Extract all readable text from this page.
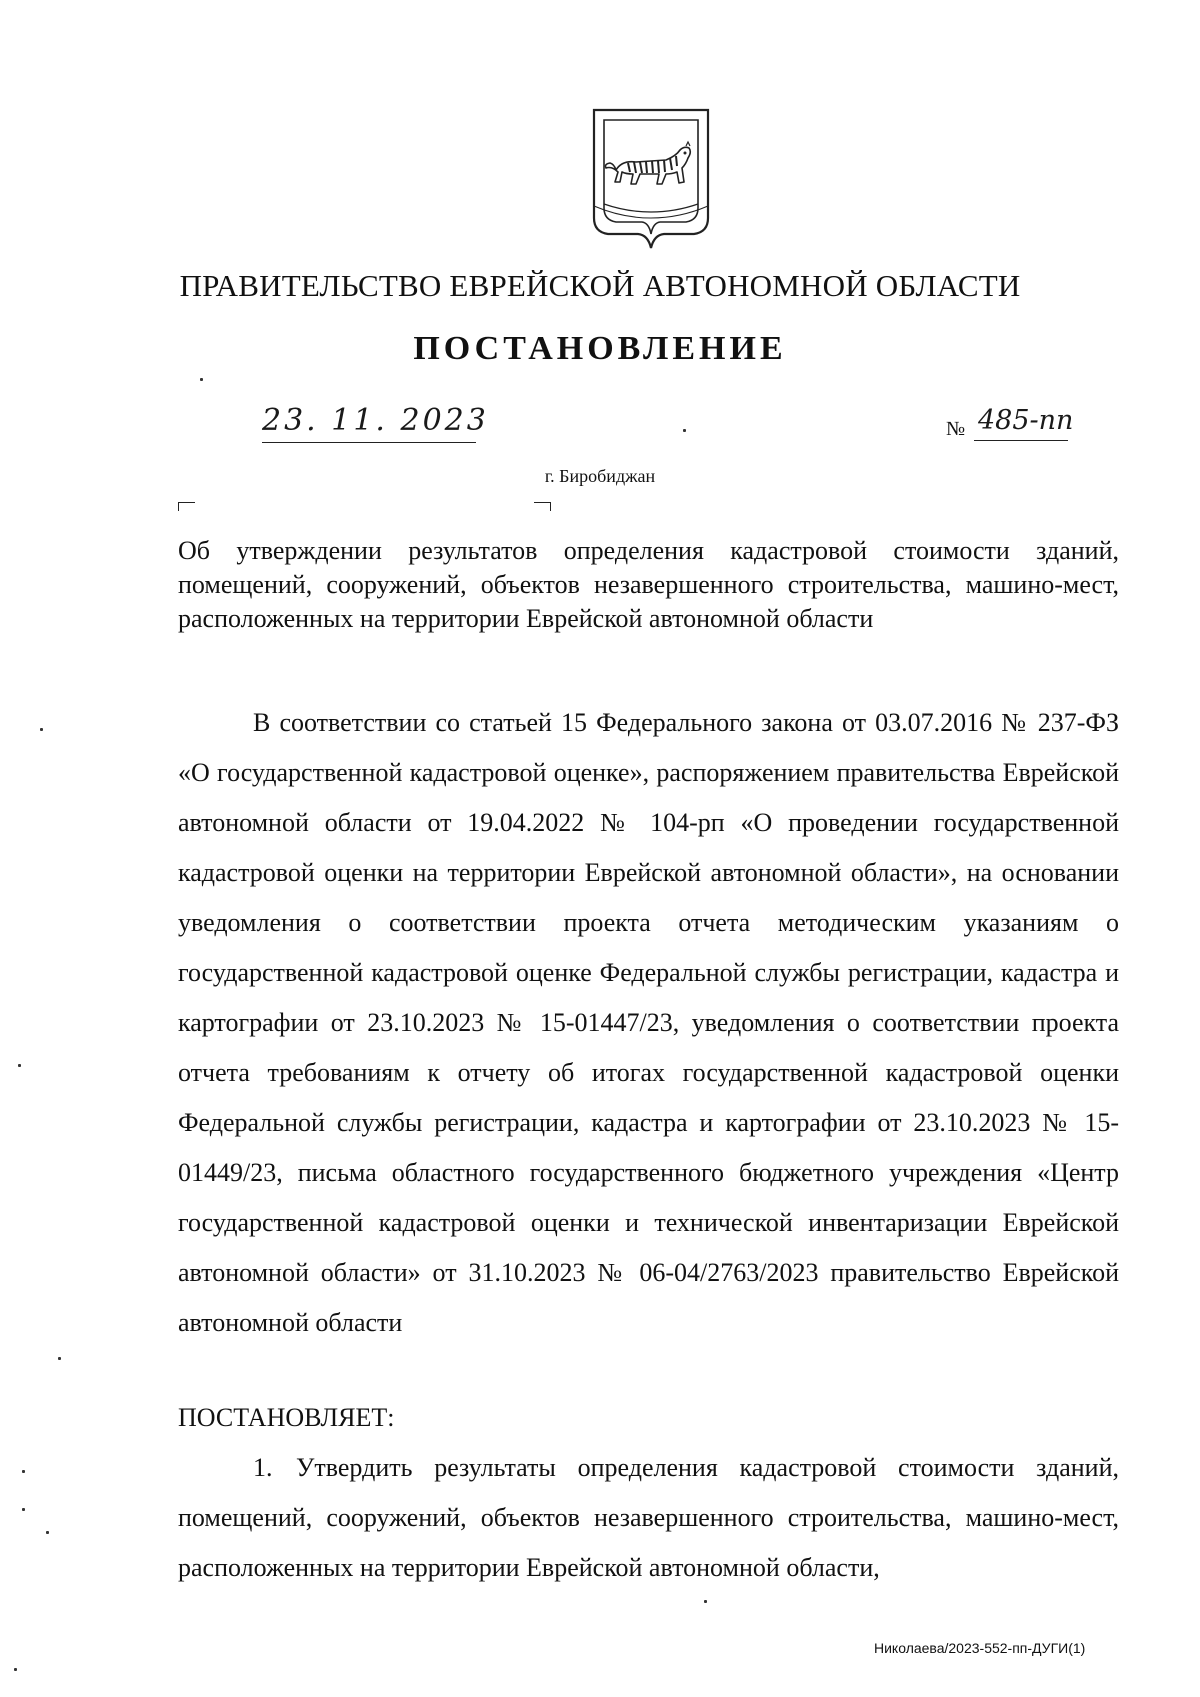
ПРАВИТЕЛЬСТВО ЕВРЕЙСКОЙ АВТОНОМНОЙ ОБЛАСТИ
ПОСТАНОВЛЕНИЕ
23. 11. 2023	№ 485-пп
г. Биробиджан
Об утверждении результатов определения кадастровой стоимости зданий, помещений, сооружений, объектов незавершенного строительства, машино-мест, расположенных на территории Еврейской автономной области
В соответствии со статьей 15 Федерального закона от 03.07.2016 № 237-ФЗ «О государственной кадастровой оценке», распоряжением правительства Еврейской автономной области от 19.04.2022 № 104-рп «О проведении государственной кадастровой оценки на территории Еврейской автономной области», на основании уведомления о соответствии проекта отчета методическим указаниям о государственной кадастровой оценке Федеральной службы регистрации, кадастра и картографии от 23.10.2023 № 15-01447/23, уведомления о соответствии проекта отчета требованиям к отчету об итогах государственной кадастровой оценки Федеральной службы регистрации, кадастра и картографии от 23.10.2023 № 15-01449/23, письма областного государственного бюджетного учреждения «Центр государственной кадастровой оценки и технической инвентаризации Еврейской автономной области» от 31.10.2023 № 06-04/2763/2023 правительство Еврейской автономной области
ПОСТАНОВЛЯЕТ:
1. Утвердить результаты определения кадастровой стоимости зданий, помещений, сооружений, объектов незавершенного строительства, машино-мест, расположенных на территории Еврейской автономной области,
Николаева/2023-552-пп-ДУГИ(1)
